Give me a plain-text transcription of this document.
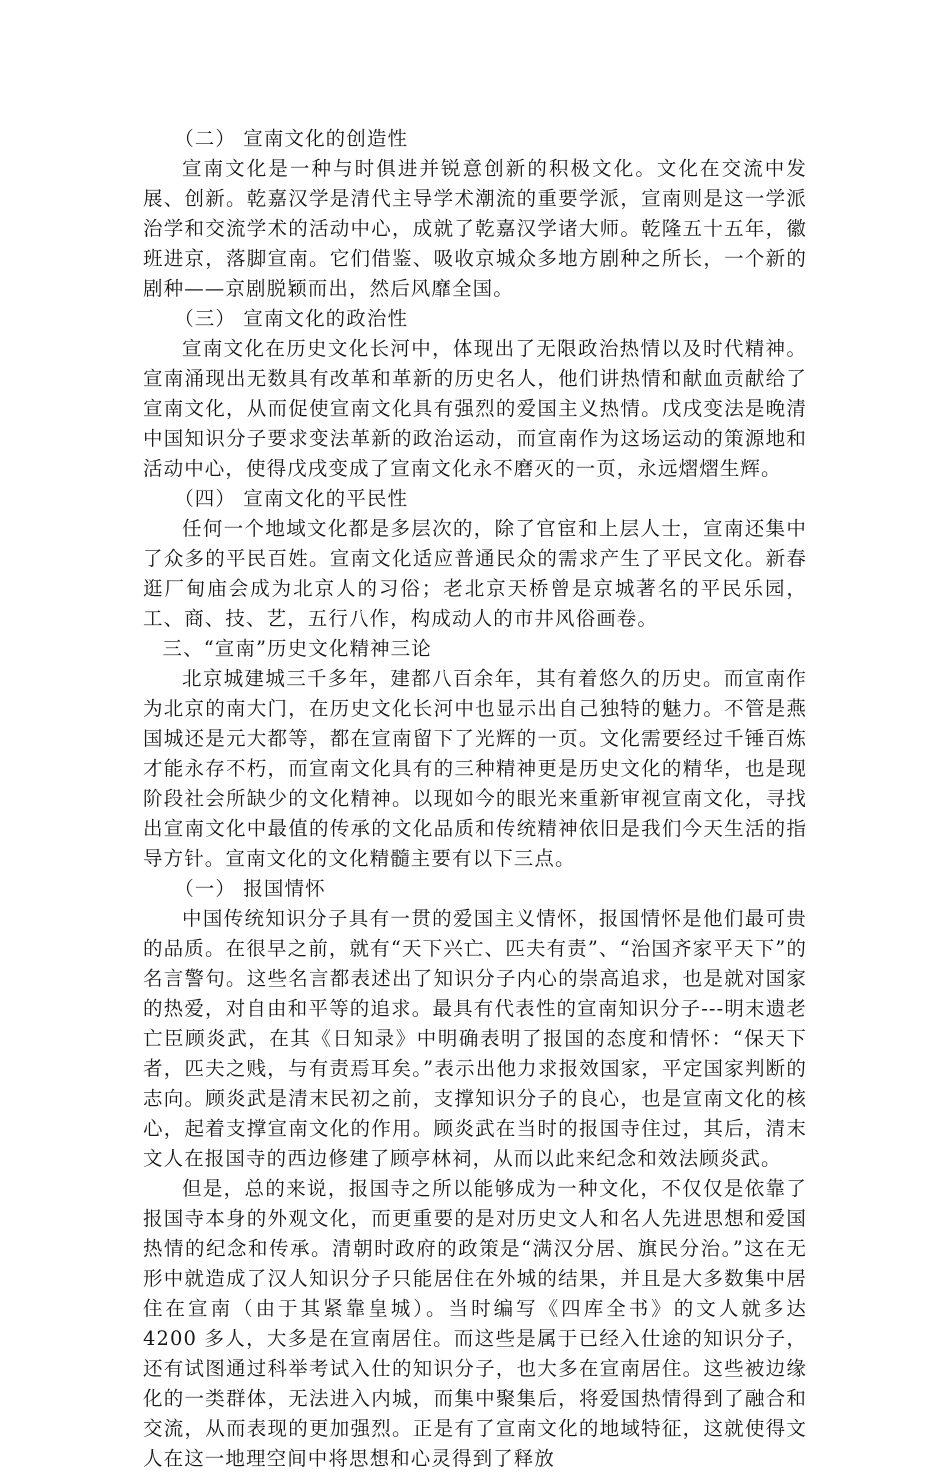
（二） 宣南文化的创造性

宣南文化是一种与时俱进并锐意创新的积极文化。文化在交流中发展、创新。乾嘉汉学是清代主导学术潮流的重要学派，宣南则是这一学派治学和交流学术的活动中心，成就了乾嘉汉学诸大师。乾隆五十五年，徽班进京，落脚宣南。它们借鉴、吸收京城众多地方剧种之所长，一个新的剧种——京剧脱颖而出，然后风靡全国。

（三） 宣南文化的政治性

宣南文化在历史文化长河中，体现出了无限政治热情以及时代精神。宣南涌现出无数具有改革和革新的历史名人，他们讲热情和献血贡献给了宣南文化，从而促使宣南文化具有强烈的爱国主义热情。戊戌变法是晚清中国知识分子要求变法革新的政治运动，而宣南作为这场运动的策源地和活动中心，使得戊戌变成了宣南文化永不磨灭的一页，永远熠熠生辉。

（四） 宣南文化的平民性

任何一个地域文化都是多层次的，除了官宦和上层人士，宣南还集中了众多的平民百姓。宣南文化适应普通民众的需求产生了平民文化。新春逛厂甸庙会成为北京人的习俗；老北京天桥曾是京城著名的平民乐园，工、商、技、艺，五行八作，构成动人的市井风俗画卷。

三、“宣南”历史文化精神三论

北京城建城三千多年，建都八百余年，其有着悠久的历史。而宣南作为北京的南大门，在历史文化长河中也显示出自己独特的魅力。不管是燕国城还是元大都等，都在宣南留下了光辉的一页。文化需要经过千锤百炼才能永存不朽，而宣南文化具有的三种精神更是历史文化的精华，也是现阶段社会所缺少的文化精神。以现如今的眼光来重新审视宣南文化，寻找出宣南文化中最值的传承的文化品质和传统精神依旧是我们今天生活的指导方针。宣南文化的文化精髓主要有以下三点。

（一） 报国情怀

中国传统知识分子具有一贯的爱国主义情怀，报国情怀是他们最可贵的品质。在很早之前，就有“天下兴亡、匹夫有责”、“治国齐家平天下”的名言警句。这些名言都表述出了知识分子内心的崇高追求，也是就对国家的热爱，对自由和平等的追求。最具有代表性的宣南知识分子---明末遗老亡臣顾炎武，在其《日知录》中明确表明了报国的态度和情怀：“保天下者，匹夫之贱，与有责焉耳矣。”表示出他力求报效国家，平定国家判断的志向。顾炎武是清末民初之前，支撑知识分子的良心，也是宣南文化的核心，起着支撑宣南文化的作用。顾炎武在当时的报国寺住过，其后，清末文人在报国寺的西边修建了顾亭林祠，从而以此来纪念和效法顾炎武。

但是，总的来说，报国寺之所以能够成为一种文化，不仅仅是依靠了报国寺本身的外观文化，而更重要的是对历史文人和名人先进思想和爱国热情的纪念和传承。清朝时政府的政策是“满汉分居、旗民分治。”这在无形中就造成了汉人知识分子只能居住在外城的结果，并且是大多数集中居住在宣南（由于其紧靠皇城）。当时编写《四库全书》的文人就多达 4200 多人，大多是在宣南居住。而这些是属于已经入仕途的知识分子，还有试图通过科举考试入仕的知识分子，也大多在宣南居住。这些被边缘化的一类群体，无法进入内城，而集中聚集后，将爱国热情得到了融合和交流，从而表现的更加强烈。正是有了宣南文化的地域特征，这就使得文人在这一地理空间中将思想和心灵得到了释放
